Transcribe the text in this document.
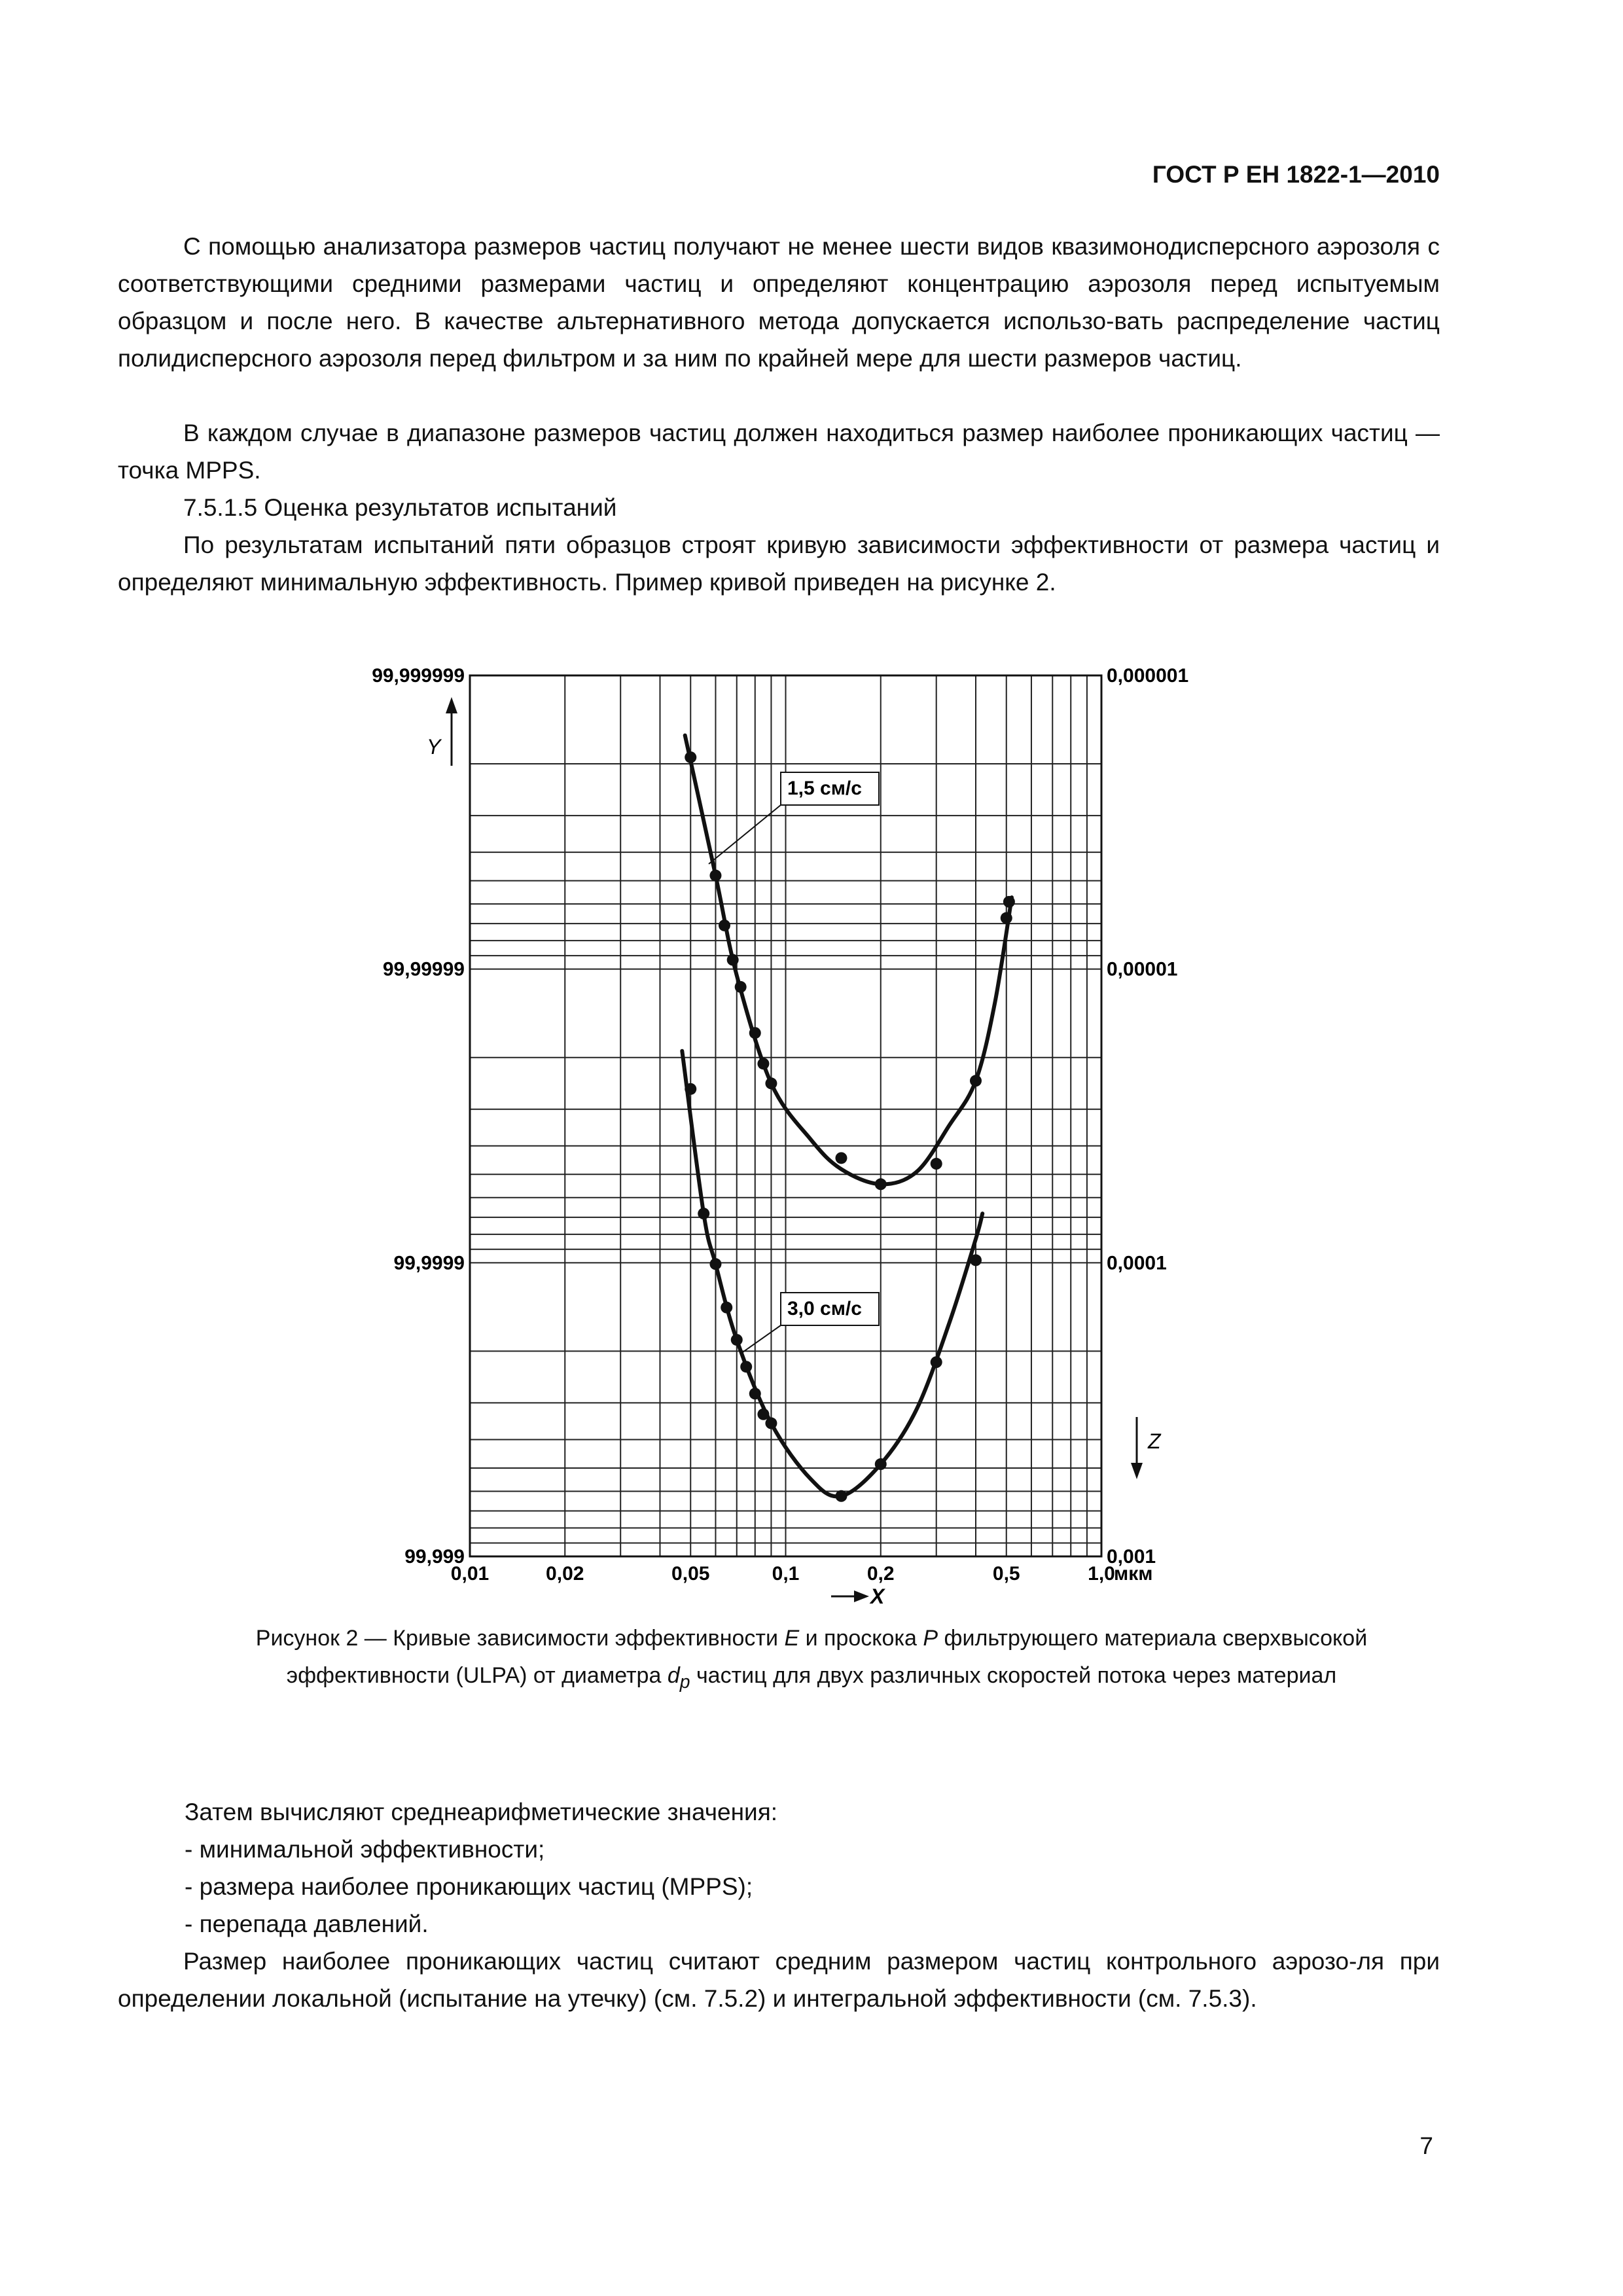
ГОСТ Р ЕН 1822-1—2010

С помощью анализатора размеров частиц получают не менее шести видов квазимонодисперсного аэрозоля с соответствующими средними размерами частиц и определяют концентрацию аэрозоля перед испытуемым образцом и после него. В качестве альтернативного метода допускается использо-вать распределение частиц полидисперсного аэрозоля перед фильтром и за ним по крайней мере для шести размеров частиц.

В каждом случае в диапазоне размеров частиц должен находиться размер наиболее проникающих частиц — точка MPPS.

7.5.1.5 Оценка результатов испытаний

По результатам испытаний пяти образцов строят кривую зависимости эффективности от размера частиц и определяют минимальную эффективность. Пример кривой приведен на рисунке 2.

0,01	0,02	0,05	0,1	0,2	0,5	1,0
99,999999	0,000001
99,99999	0,00001
99,9999	0,0001
99,999	0,001
1,5 см/с
3,0 см/с
Y
Z
X
мкм
Рисунок 2 — Кривые зависимости эффективности E и проскока P фильтрующего материала сверхвысокой
эффективности (ULPA) от диаметра $d_p$ частиц для двух различных скоростей потока через материал

Затем вычисляют среднеарифметические значения:

- минимальной эффективности;
- размера наиболее проникающих частиц (MPPS);
- перепада давлений.

Размер наиболее проникающих частиц считают средним размером частиц контрольного аэрозо-ля при определении локальной (испытание на утечку) (см. 7.5.2) и интегральной эффективности (см. 7.5.3).

7
